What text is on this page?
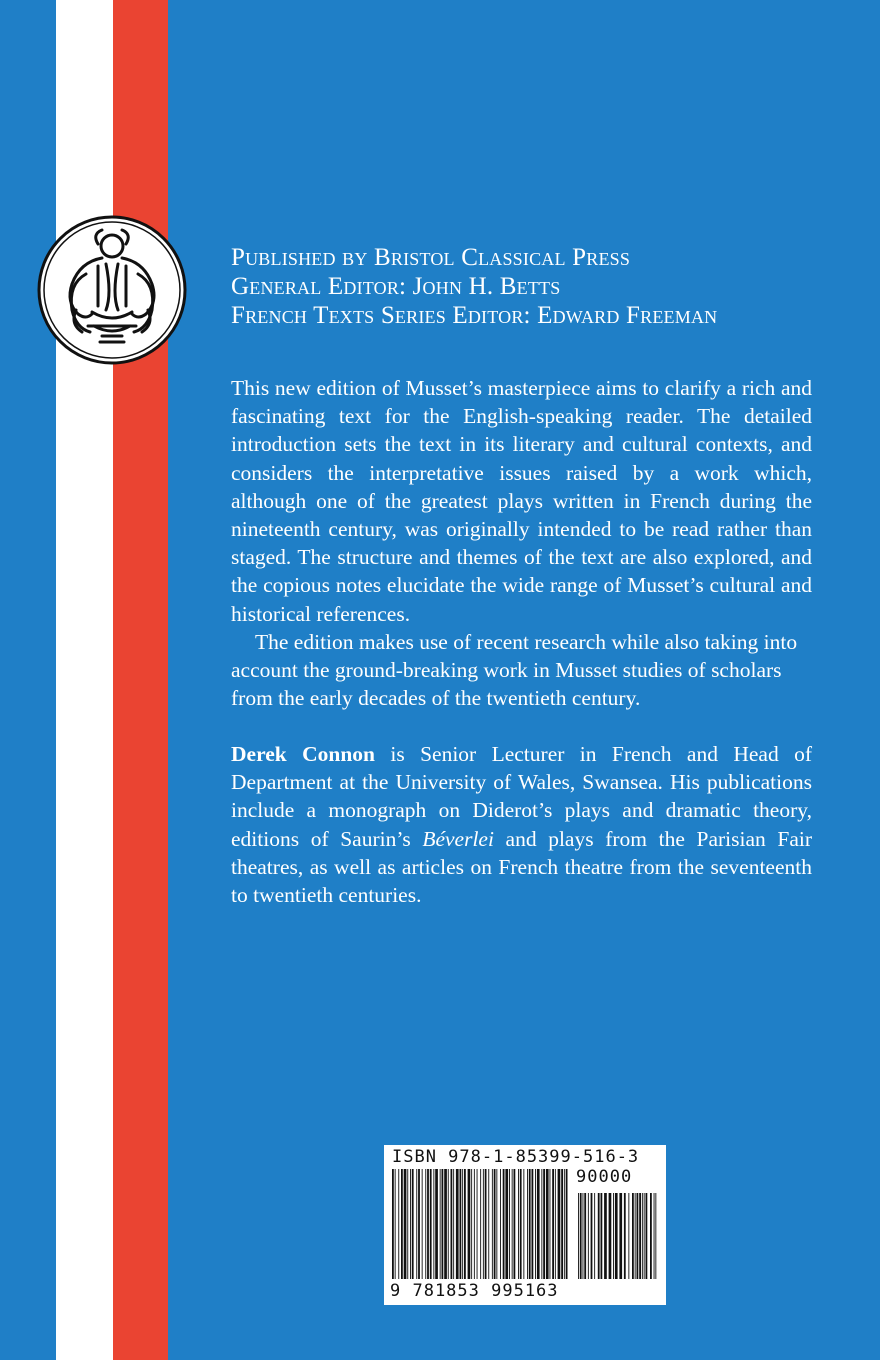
Published by Bristol Classical Press
General Editor: John H. Betts
French Texts Series Editor: Edward Freeman

This new edition of Musset’s masterpiece aims to clarify a rich and fascinating text for the English-speaking reader. The detailed introduction sets the text in its literary and cultural contexts, and considers the interpretative issues raised by a work which, although one of the greatest plays written in French during the nineteenth century, was originally intended to be read rather than staged. The structure and themes of the text are also explored, and the copious notes elucidate the wide range of Musset’s cultural and historical references.

The edition makes use of recent research while also taking into account the ground-breaking work in Musset studies of scholars from the early decades of the twentieth century.

Derek Connon is Senior Lecturer in French and Head of Department at the University of Wales, Swansea. His publications include a monograph on Diderot’s plays and dramatic theory, editions of Saurin’s Béverlei and plays from the Parisian Fair theatres, as well as articles on French theatre from the seventeenth to twentieth centuries.

ISBN 978-1-85399-516-3
90000
9 781853 995163
